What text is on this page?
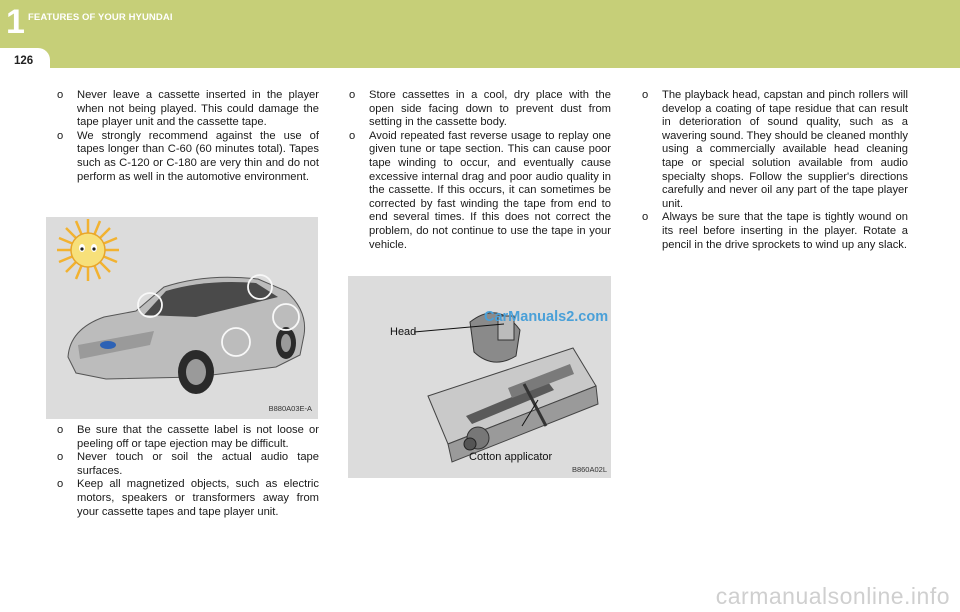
1 FEATURES OF YOUR HYUNDAI
126

o Never leave a cassette inserted in the player when not being played. This could damage the tape player unit and the cassette tape.

o We strongly recommend against the use of tapes longer than C-60 (60 minutes total). Tapes such as C-120 or C-180 are very thin and do not perform as well in the automotive environment.

B880A03E-A

o Be sure that the cassette label is not loose or peeling off or tape ejection may be difficult.

o Never touch or soil the actual audio tape surfaces.

o Keep all magnetized objects, such as electric motors, speakers or transformers away from your cassette tapes and tape player unit.

o Store cassettes in a cool, dry place with the open side facing down to prevent dust from setting in the cassette body.

o Avoid repeated fast reverse usage to replay one given tune or tape section. This can cause poor tape winding to occur, and eventually cause excessive internal drag and poor audio quality in the cassette. If this occurs, it can sometimes be corrected by fast winding the tape from end to end several times. If this does not correct the problem, do not continue to use the tape in your vehicle.

Head
Cotton applicator
B860A02L

o The playback head, capstan and pinch rollers will develop a coating of tape residue that can result in deterioration of sound quality, such as a wavering sound. They should be cleaned monthly using a commercially available head cleaning tape or special solution available from audio specialty shops. Follow the supplier's directions carefully and never oil any part of the tape player unit.

o Always be sure that the tape is tightly wound on its reel before inserting in the player. Rotate a pencil in the drive sprockets to wind up any slack.

CarManuals2.com
carmanualsonline.info
